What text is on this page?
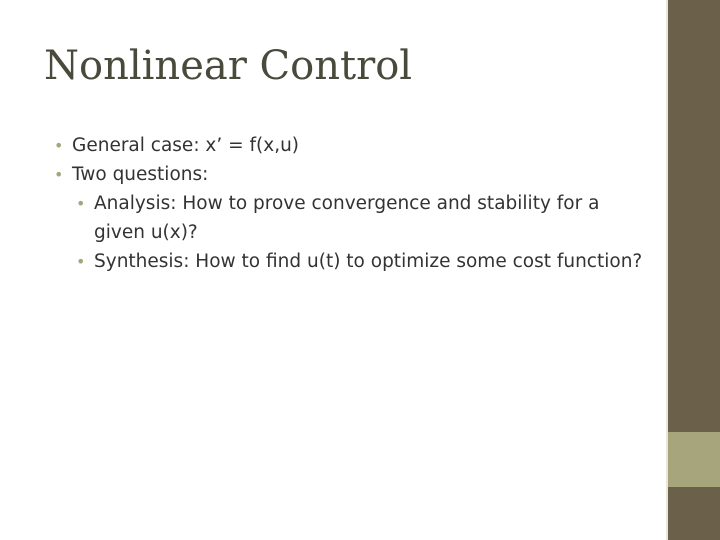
Nonlinear Control
• General case: x’ = f(x,u)
• Two questions:
• Analysis: How to prove convergence and stability for a given u(x)?
• Synthesis: How to find u(t) to optimize some cost function?
